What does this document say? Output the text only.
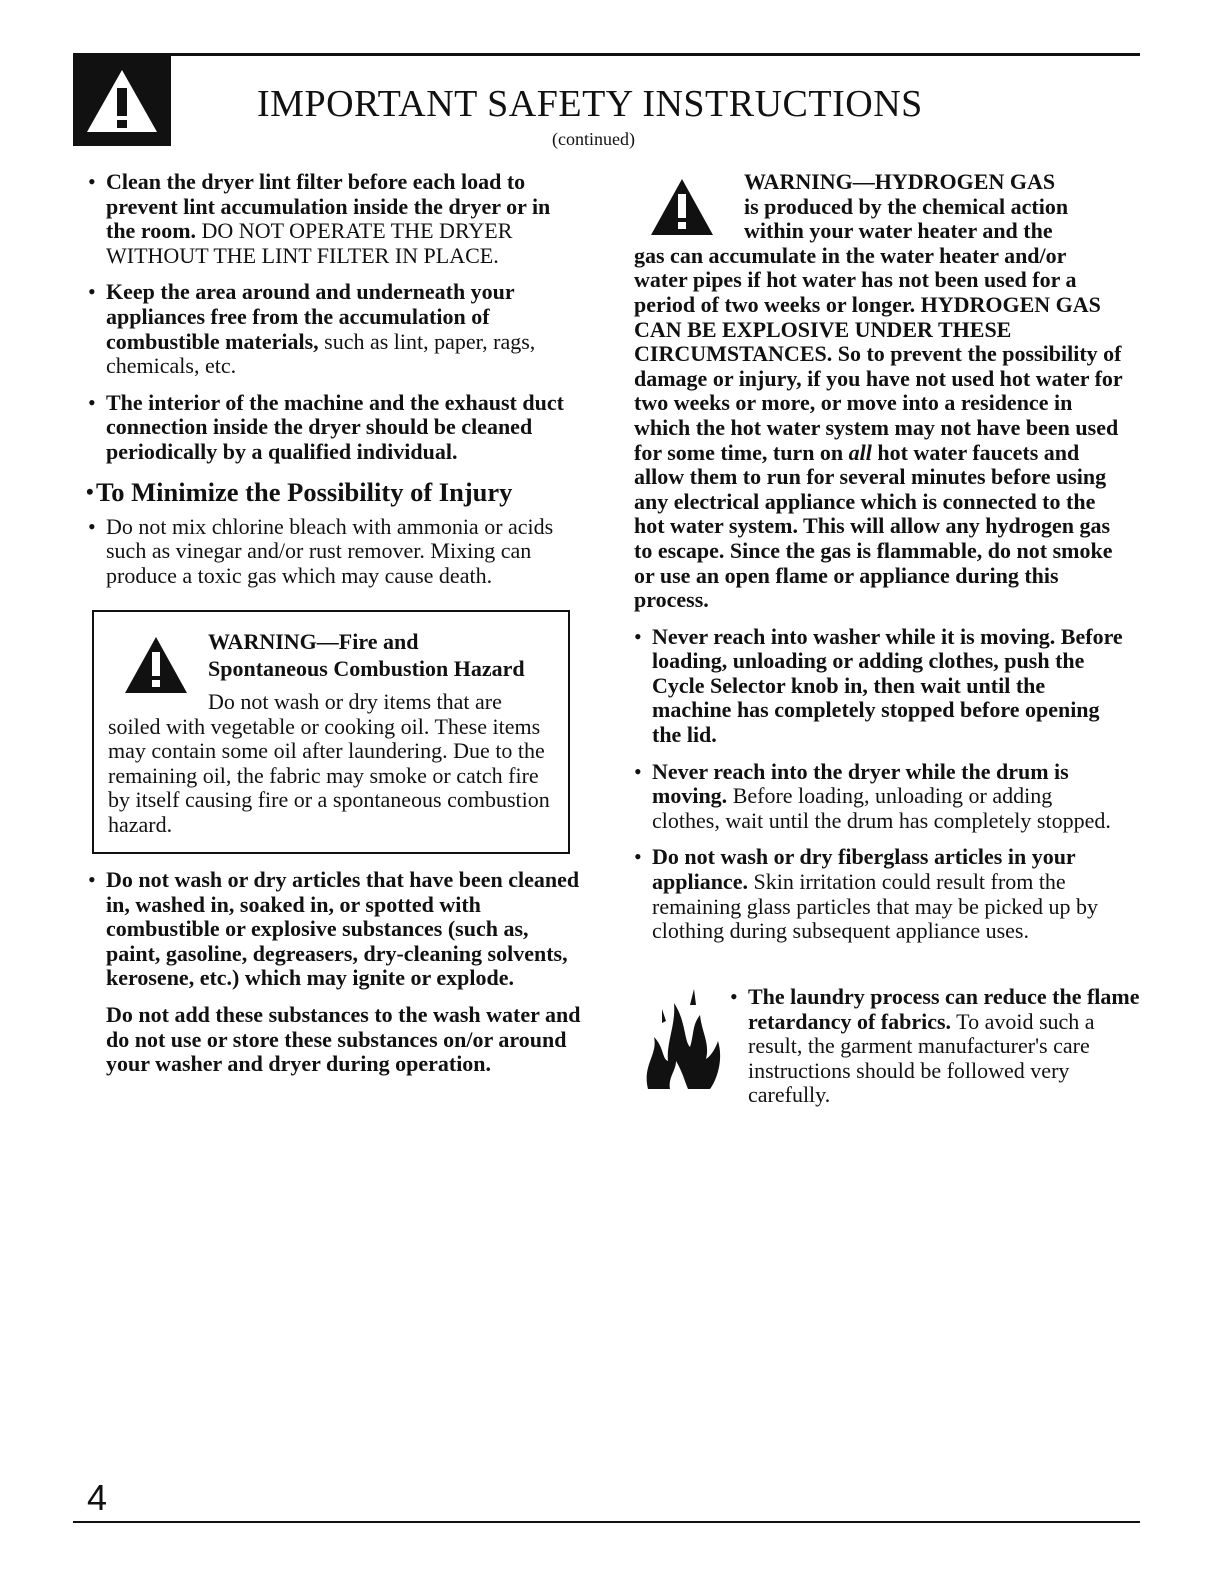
IMPORTANT SAFETY INSTRUCTIONS
(continued)
• Clean the dryer lint filter before each load to prevent lint accumulation inside the dryer or in the room. DO NOT OPERATE THE DRYER WITHOUT THE LINT FILTER IN PLACE.
• Keep the area around and underneath your appliances free from the accumulation of combustible materials, such as lint, paper, rags, chemicals, etc.
• The interior of the machine and the exhaust duct connection inside the dryer should be cleaned periodically by a qualified individual.
• To Minimize the Possibility of Injury
• Do not mix chlorine bleach with ammonia or acids such as vinegar and/or rust remover. Mixing can produce a toxic gas which may cause death.
WARNING—Fire and
Spontaneous Combustion Hazard
Do not wash or dry items that are
soiled with vegetable or cooking oil. These items may contain some oil after laundering. Due to the remaining oil, the fabric may smoke or catch fire by itself causing fire or a spontaneous combustion hazard.
• Do not wash or dry articles that have been cleaned in, washed in, soaked in, or spotted with combustible or explosive substances (such as, paint, gasoline, degreasers, dry-cleaning solvents, kerosene, etc.) which may ignite or explode.
Do not add these substances to the wash water and do not use or store these substances on/or around your washer and dryer during operation.
WARNING—HYDROGEN GAS
is produced by the chemical action
within your water heater and the
gas can accumulate in the water heater and/or water pipes if hot water has not been used for a period of two weeks or longer. HYDROGEN GAS CAN BE EXPLOSIVE UNDER THESE CIRCUMSTANCES. So to prevent the possibility of damage or injury, if you have not used hot water for two weeks or more, or move into a residence in which the hot water system may not have been used for some time, turn on all hot water faucets and allow them to run for several minutes before using any electrical appliance which is connected to the hot water system. This will allow any hydrogen gas to escape. Since the gas is flammable, do not smoke or use an open flame or appliance during this process.
• Never reach into washer while it is moving. Before loading, unloading or adding clothes, push the Cycle Selector knob in, then wait until the machine has completely stopped before opening the lid.
• Never reach into the dryer while the drum is moving. Before loading, unloading or adding clothes, wait until the drum has completely stopped.
• Do not wash or dry fiberglass articles in your appliance. Skin irritation could result from the remaining glass particles that may be picked up by clothing during subsequent appliance uses.
• The laundry process can reduce the flame retardancy of fabrics. To avoid such a result, the garment manufacturer's care instructions should be followed very carefully.
4
